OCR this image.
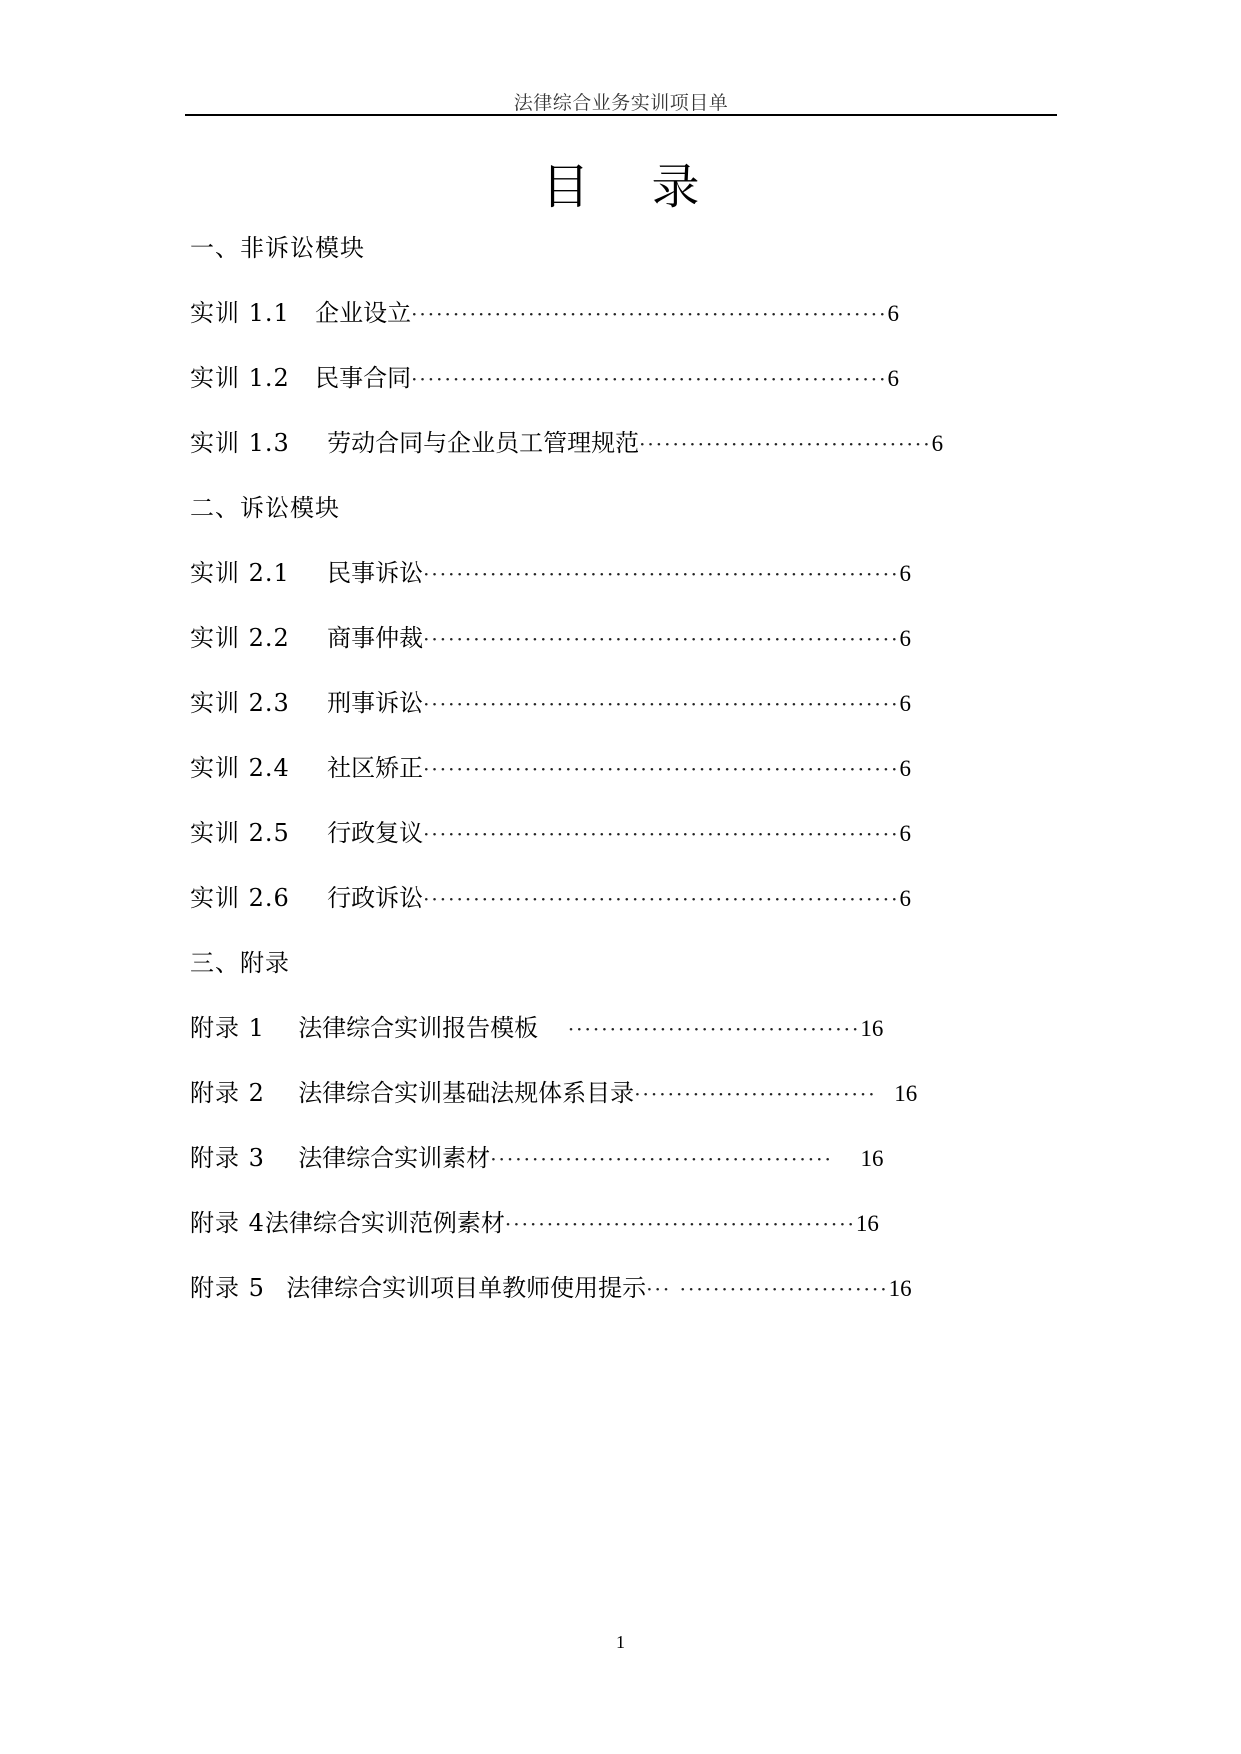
法律综合业务实训项目单
目录
一、非诉讼模块
实训 1.1 企业设立·························································6
实训 1.2 民事合同·························································6
实训 1.3 劳动合同与企业员工管理规范···································6
二、诉讼模块
实训 2.1 民事诉讼·························································6
实训 2.2 商事仲裁·························································6
实训 2.3 刑事诉讼·························································6
实训 2.4 社区矫正·························································6
实训 2.5 行政复议·························································6
实训 2.6 行政诉讼·························································6
三、附录
附录 1 法律综合实训报告模板 ···································16
附录 2 法律综合实训基础法规体系目录····························· 16
附录 3 法律综合实训素材········································· 16
附录 4法律综合实训范例素材··········································16
附录 5 法律综合实训项目单教师使用提示··· ·························16
1
